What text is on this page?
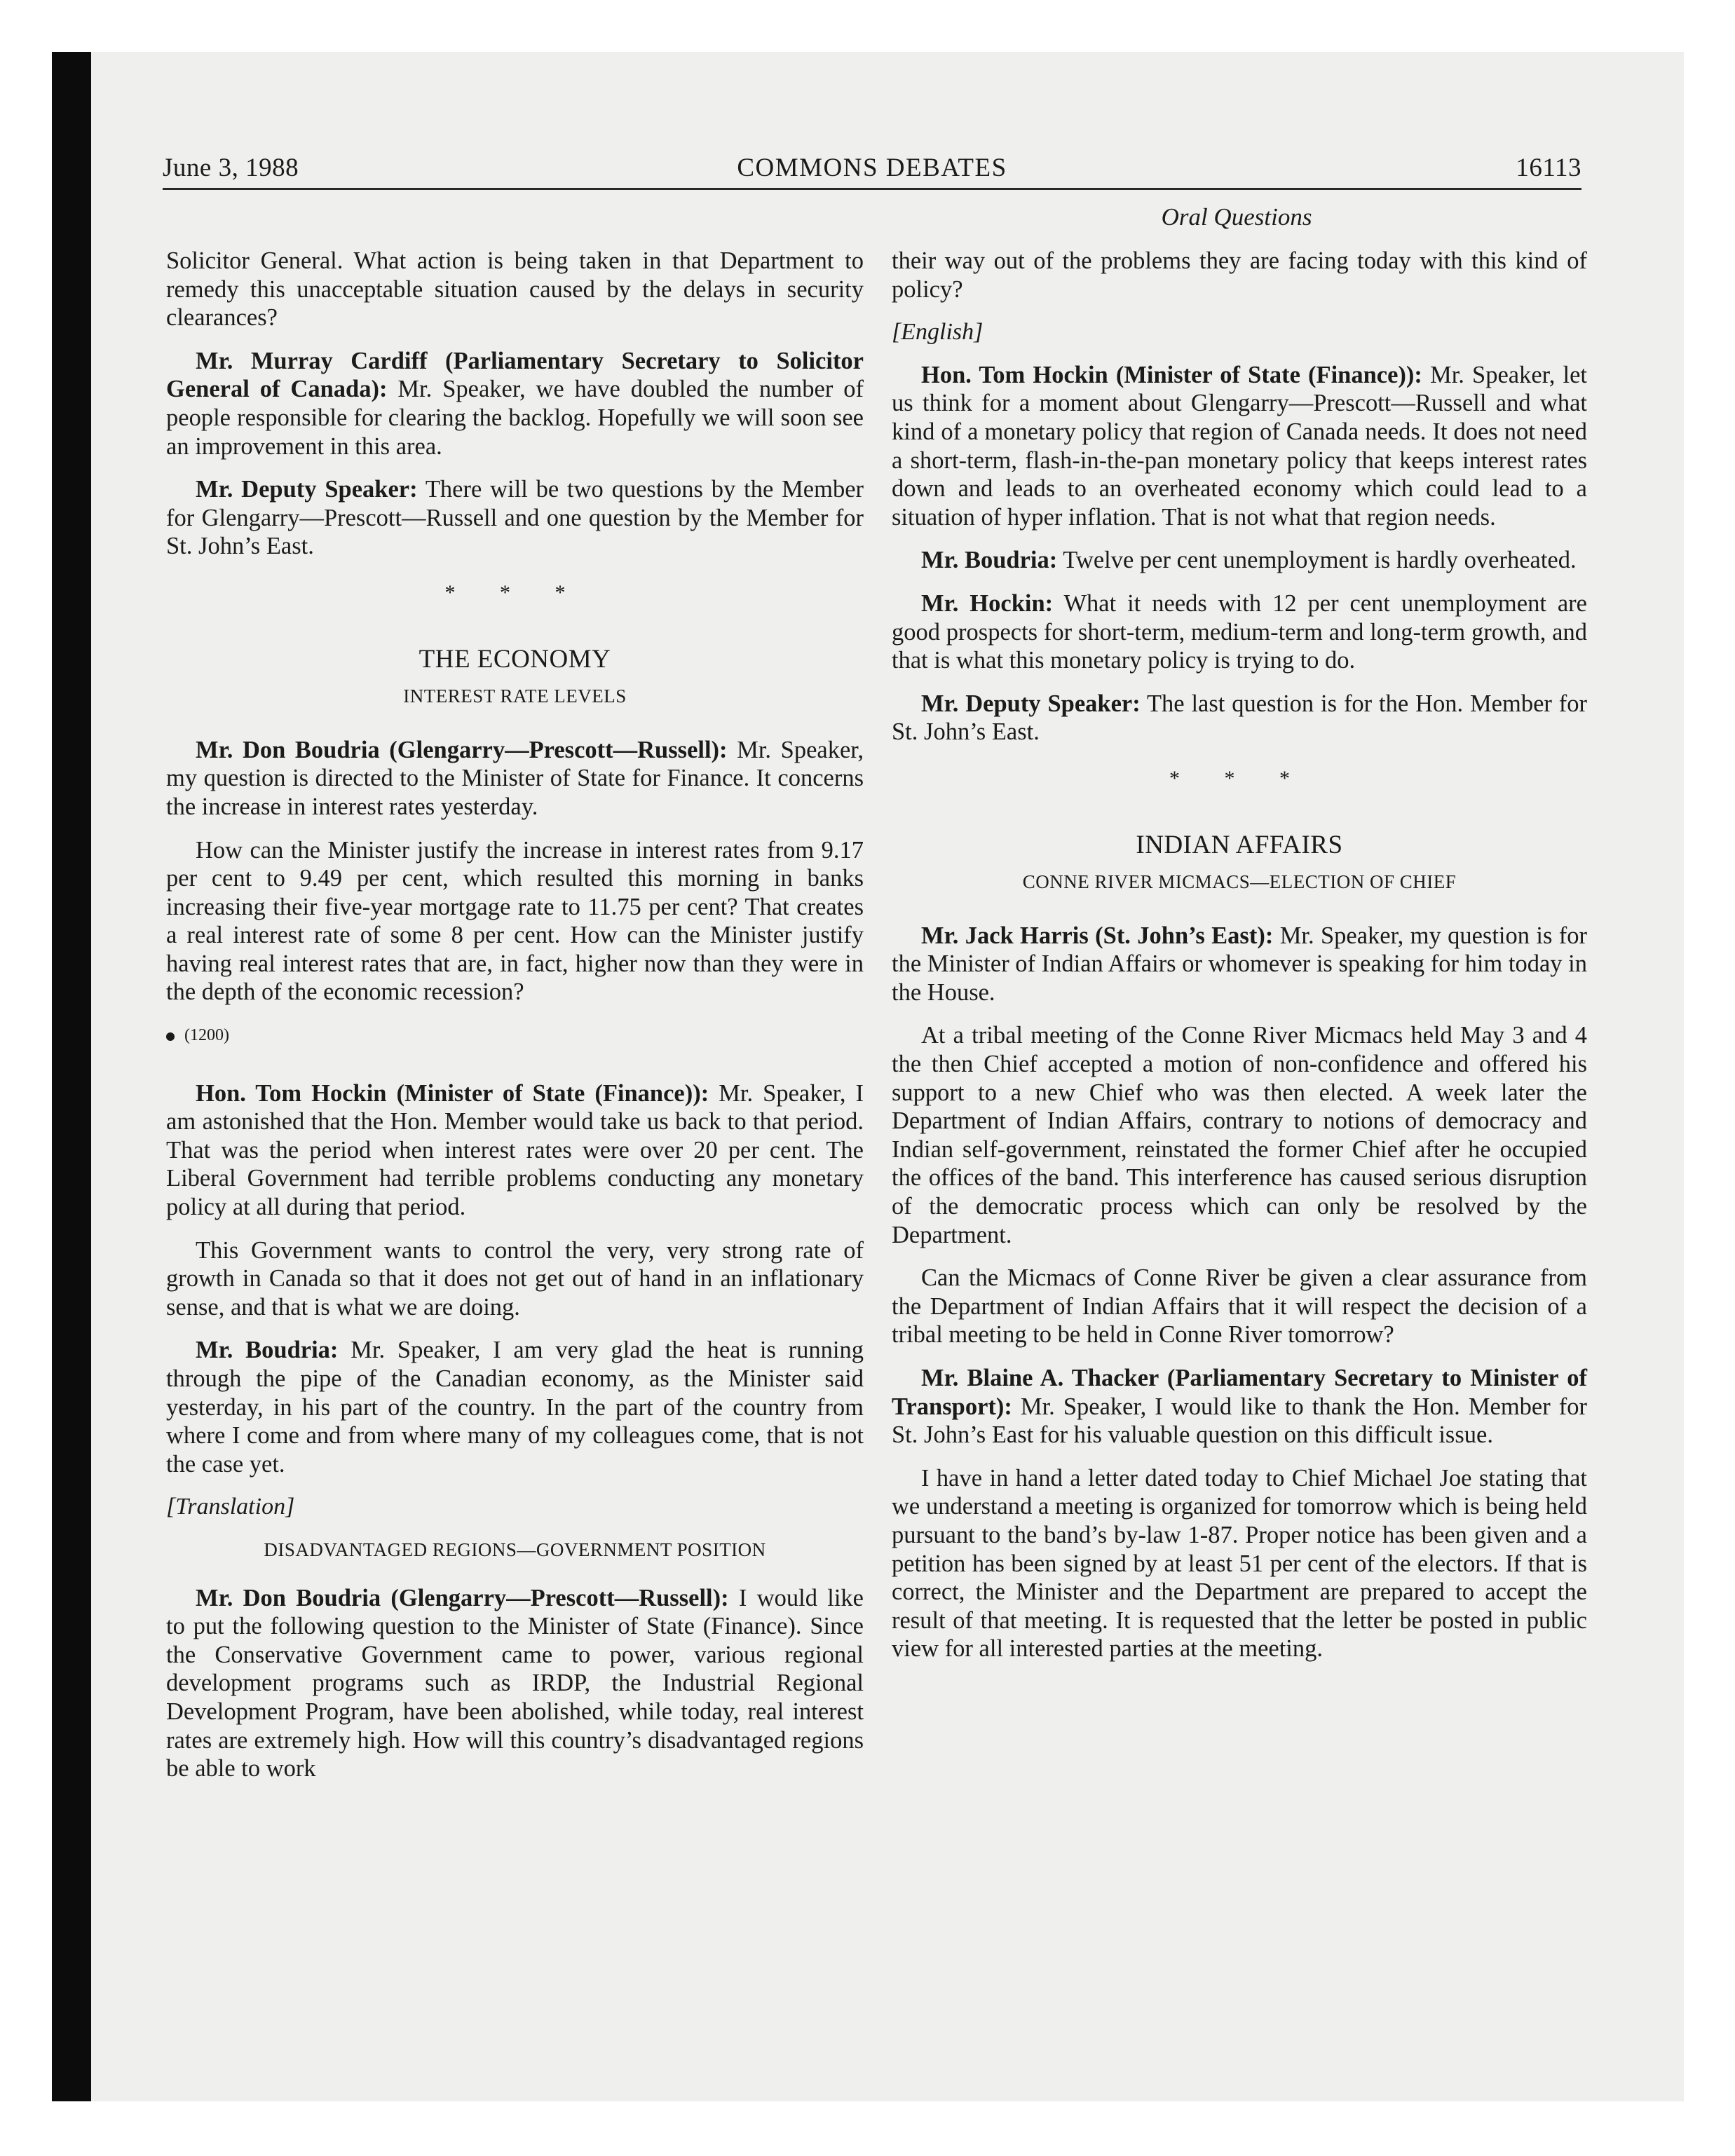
June 3, 1988	COMMONS DEBATES	16113
Oral Questions

Solicitor General. What action is being taken in that Department to remedy this unacceptable situation caused by the delays in security clearances?

Mr. Murray Cardiff (Parliamentary Secretary to Solicitor General of Canada): Mr. Speaker, we have doubled the number of people responsible for clearing the backlog. Hopefully we will soon see an improvement in this area.

Mr. Deputy Speaker: There will be two questions by the Member for Glengarry—Prescott—Russell and one question by the Member for St. John’s East.

* * *
THE ECONOMY
INTEREST RATE LEVELS

Mr. Don Boudria (Glengarry—Prescott—Russell): Mr. Speaker, my question is directed to the Minister of State for Finance. It concerns the increase in interest rates yesterday.

How can the Minister justify the increase in interest rates from 9.17 per cent to 9.49 per cent, which resulted this morning in banks increasing their five-year mortgage rate to 11.75 per cent? That creates a real interest rate of some 8 per cent. How can the Minister justify having real interest rates that are, in fact, higher now than they were in the depth of the economic recession?

(1200)

Hon. Tom Hockin (Minister of State (Finance)): Mr. Speaker, I am astonished that the Hon. Member would take us back to that period. That was the period when interest rates were over 20 per cent. The Liberal Government had terrible problems conducting any monetary policy at all during that period.

This Government wants to control the very, very strong rate of growth in Canada so that it does not get out of hand in an inflationary sense, and that is what we are doing.

Mr. Boudria: Mr. Speaker, I am very glad the heat is running through the pipe of the Canadian economy, as the Minister said yesterday, in his part of the country. In the part of the country from where I come and from where many of my colleagues come, that is not the case yet.

[Translation]
DISADVANTAGED REGIONS—GOVERNMENT POSITION

Mr. Don Boudria (Glengarry—Prescott—Russell): I would like to put the following question to the Minister of State (Finance). Since the Conservative Government came to power, various regional development programs such as IRDP, the Industrial Regional Development Program, have been abolished, while today, real interest rates are extremely high. How will this country’s disadvantaged regions be able to work

their way out of the problems they are facing today with this kind of policy?

[English]

Hon. Tom Hockin (Minister of State (Finance)): Mr. Speaker, let us think for a moment about Glengarry—Prescott—Russell and what kind of a monetary policy that region of Canada needs. It does not need a short-term, flash-in-the-pan monetary policy that keeps interest rates down and leads to an overheated economy which could lead to a situation of hyper inflation. That is not what that region needs.

Mr. Boudria: Twelve per cent unemployment is hardly overheated.

Mr. Hockin: What it needs with 12 per cent unemployment are good prospects for short-term, medium-term and long-term growth, and that is what this monetary policy is trying to do.

Mr. Deputy Speaker: The last question is for the Hon. Member for St. John’s East.

* * *
INDIAN AFFAIRS
CONNE RIVER MICMACS—ELECTION OF CHIEF

Mr. Jack Harris (St. John’s East): Mr. Speaker, my question is for the Minister of Indian Affairs or whomever is speaking for him today in the House.

At a tribal meeting of the Conne River Micmacs held May 3 and 4 the then Chief accepted a motion of non-confidence and offered his support to a new Chief who was then elected. A week later the Department of Indian Affairs, contrary to notions of democracy and Indian self-government, reinstated the former Chief after he occupied the offices of the band. This interference has caused serious disruption of the democratic process which can only be resolved by the Department.

Can the Micmacs of Conne River be given a clear assurance from the Department of Indian Affairs that it will respect the decision of a tribal meeting to be held in Conne River tomorrow?

Mr. Blaine A. Thacker (Parliamentary Secretary to Minister of Transport): Mr. Speaker, I would like to thank the Hon. Member for St. John’s East for his valuable question on this difficult issue.

I have in hand a letter dated today to Chief Michael Joe stating that we understand a meeting is organized for tomorrow which is being held pursuant to the band’s by-law 1-87. Proper notice has been given and a petition has been signed by at least 51 per cent of the electors. If that is correct, the Minister and the Department are prepared to accept the result of that meeting. It is requested that the letter be posted in public view for all interested parties at the meeting.
